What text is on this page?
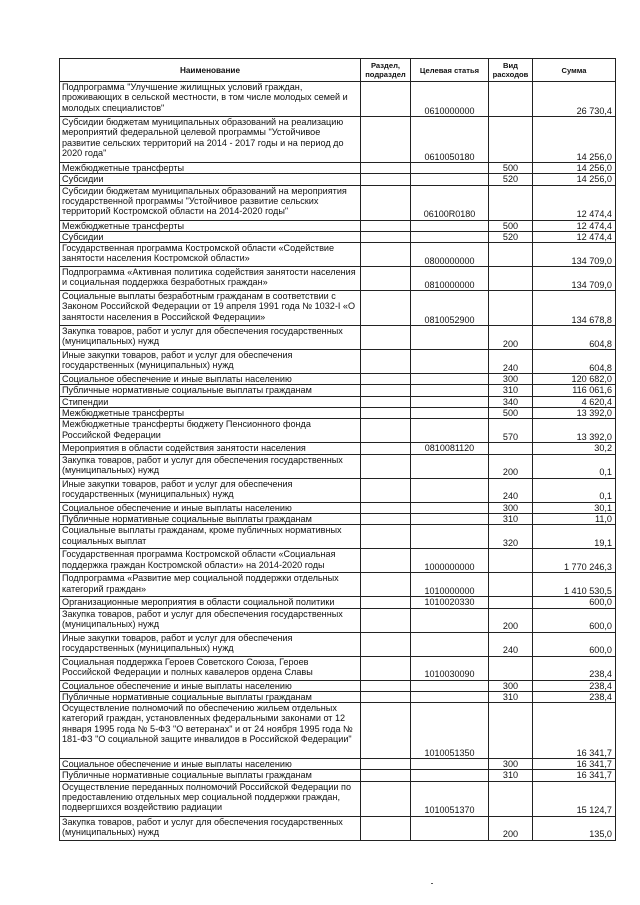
Наименование	Раздел, подраздел	Целевая статья	Вид расходов	Сумма
Подпрограмма "Улучшение жилищных условий граждан, проживающих в сельской местности, в том числе молодых семей и молодых специалистов"		0610000000		26 730,4
Субсидии бюджетам муниципальных образований на реализацию мероприятий федеральной целевой программы "Устойчивое развитие сельских территорий на 2014 - 2017 годы и на период до 2020 года"		0610050180		14 256,0
Межбюджетные трансферты			500	14 256,0
Субсидии			520	14 256,0
Субсидии бюджетам муниципальных образований на мероприятия государственной программы "Устойчивое развитие сельских территорий Костромской области на 2014-2020 годы"		06100R0180		12 474,4
Межбюджетные трансферты			500	12 474,4
Субсидии			520	12 474,4
Государственная программа Костромской области «Содействие занятости населения Костромской области»		0800000000		134 709,0
Подпрограмма «Активная политика содействия занятости населения и социальная поддержка безработных граждан»		0810000000		134 709,0
Социальные выплаты безработным гражданам в соответствии с Законом Российской Федерации от 19 апреля 1991 года № 1032-I «О занятости населения в Российской Федерации»		0810052900		134 678,8
Закупка товаров, работ и услуг для обеспечения государственных (муниципальных) нужд			200	604,8
Иные закупки товаров, работ и услуг для обеспечения государственных (муниципальных) нужд			240	604,8
Социальное обеспечение и иные выплаты населению			300	120 682,0
Публичные нормативные социальные выплаты гражданам			310	116 061,6
Стипендии			340	4 620,4
Межбюджетные трансферты			500	13 392,0
Межбюджетные трансферты бюджету Пенсионного фонда Российской Федерации			570	13 392,0
Мероприятия в области содействия занятости населения		0810081120		30,2
Закупка товаров, работ и услуг для обеспечения государственных (муниципальных) нужд			200	0,1
Иные закупки товаров, работ и услуг для обеспечения государственных (муниципальных) нужд			240	0,1
Социальное обеспечение и иные выплаты населению			300	30,1
Публичные нормативные социальные выплаты гражданам			310	11,0
Социальные выплаты гражданам, кроме публичных нормативных социальных выплат			320	19,1
Государственная программа Костромской области «Социальная поддержка граждан Костромской области» на 2014-2020 годы		1000000000		1 770 246,3
Подпрограмма «Развитие мер социальной поддержки отдельных категорий граждан»		1010000000		1 410 530,5
Организационные мероприятия в области социальной политики		1010020330		600,0
Закупка товаров, работ и услуг для обеспечения государственных (муниципальных) нужд			200	600,0
Иные закупки товаров, работ и услуг для обеспечения государственных (муниципальных) нужд			240	600,0
Социальная поддержка Героев Советского Союза, Героев Российской Федерации и полных кавалеров ордена Славы		1010030090		238,4
Социальное обеспечение и иные выплаты населению			300	238,4
Публичные нормативные социальные выплаты гражданам			310	238,4
Осуществление полномочий по обеспечению жильем отдельных категорий граждан, установленных федеральными законами от 12 января 1995 года № 5-ФЗ "О ветеранах" и от 24 ноября 1995 года № 181-ФЗ "О социальной защите инвалидов в Российской Федерации"		1010051350		16 341,7
Социальное обеспечение и иные выплаты населению			300	16 341,7
Публичные нормативные социальные выплаты гражданам			310	16 341,7
Осуществление переданных полномочий Российской Федерации по предоставлению отдельных мер социальной поддержки граждан, подвергшихся воздействию радиации		1010051370		15 124,7
Закупка товаров, работ и услуг для обеспечения государственных (муниципальных) нужд			200	135,0
